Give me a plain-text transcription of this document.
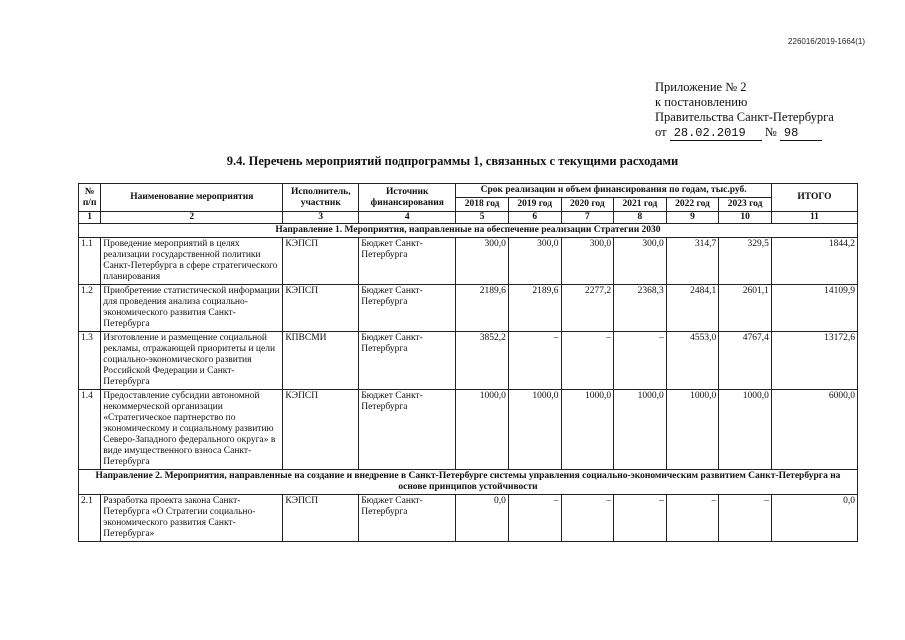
226016/2019-1664(1)
Приложение № 2
к постановлению
Правительства Санкт-Петербурга
от 28.02.2019 № 98
9.4. Перечень мероприятий подпрограммы 1, связанных с текущими расходами
№ п/п	Наименование мероприятия	Исполнитель, участник	Источник финансирования	Срок реализации и объем финансирования по годам, тыс.руб.						ИТОГО
				2018 год	2019 год	2020 год	2021 год	2022 год	2023 год	
1	2	3	4	5	6	7	8	9	10	11
Направление 1. Мероприятия, направленные на обеспечение реализации Стратегии 2030										
1.1	Проведение мероприятий в целях реализации государственной политики Санкт-Петербурга в сфере стратегического планирования	КЭПСП	Бюджет Санкт-Петербурга	300,0	300,0	300,0	300,0	314,7	329,5	1844,2
1.2	Приобретение статистической информации для проведения анализа социально-экономического развития Санкт-Петербурга	КЭПСП	Бюджет Санкт-Петербурга	2189,6	2189,6	2277,2	2368,3	2484,1	2601,1	14109,9
1.3	Изготовление и размещение социальной рекламы, отражающей приоритеты и цели социально-экономического развития Российской Федерации и Санкт-Петербурга	КПВСМИ	Бюджет Санкт-Петербурга	3852,2	–	–	–	4553,0	4767,4	13172,6
1.4	Предоставление субсидии автономной некоммерческой организации «Стратегическое партнерство по экономическому и социальному развитию Северо-Западного федерального округа» в виде имущественного взноса Санкт-Петербурга	КЭПСП	Бюджет Санкт-Петербурга	1000,0	1000,0	1000,0	1000,0	1000,0	1000,0	6000,0
Направление 2. Мероприятия, направленные на создание и внедрение в Санкт-Петербурге системы управления социально-экономическим развитием Санкт-Петербурга на основе принципов устойчивости										
2.1	Разработка проекта закона Санкт-Петербурга «О Стратегии социально-экономического развития Санкт-Петербурга»	КЭПСП	Бюджет Санкт-Петербурга	0,0	–	–	–	–	–	0,0
